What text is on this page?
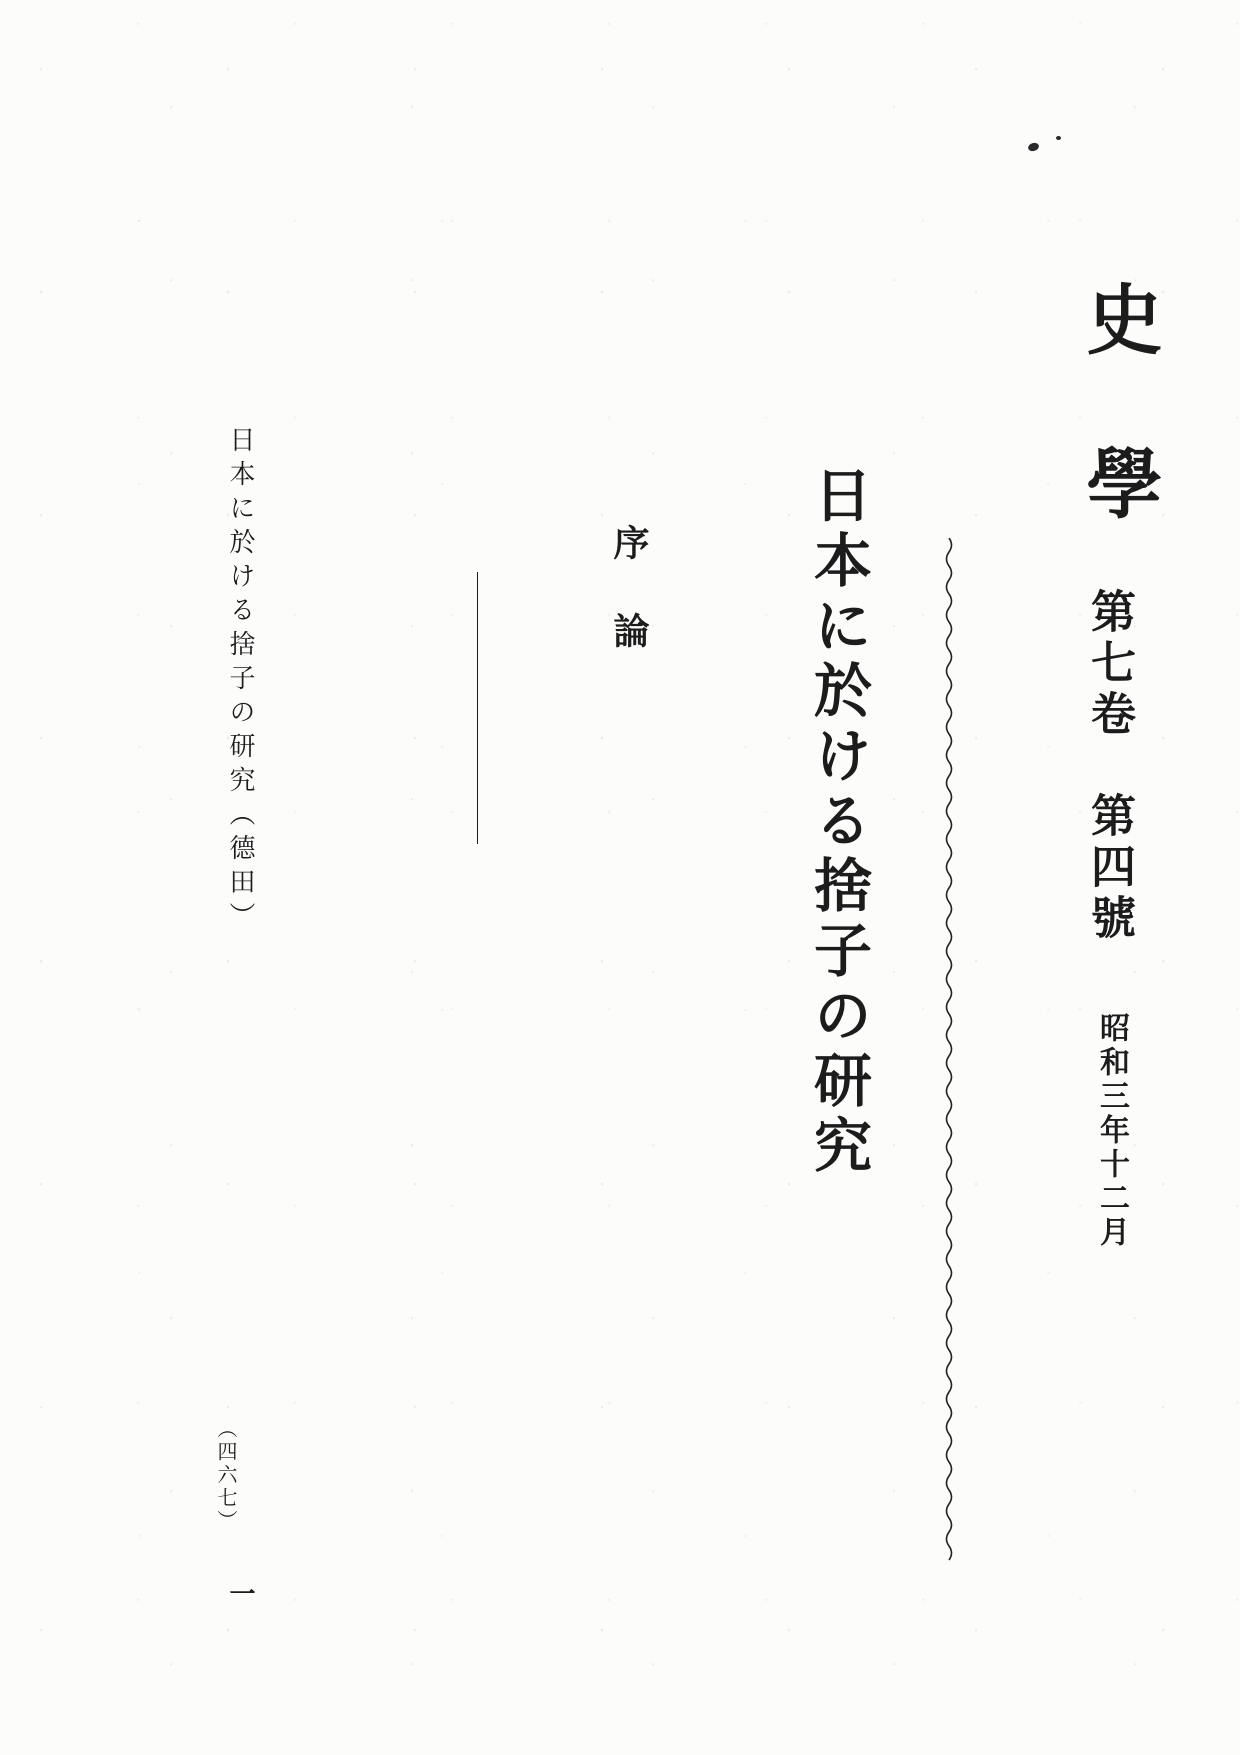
史學
第七卷　第四號
昭和三年十二月
日本に於ける捨子の研究
序論

日本に於ける捨子の研究（德田）
（四六七）
一
